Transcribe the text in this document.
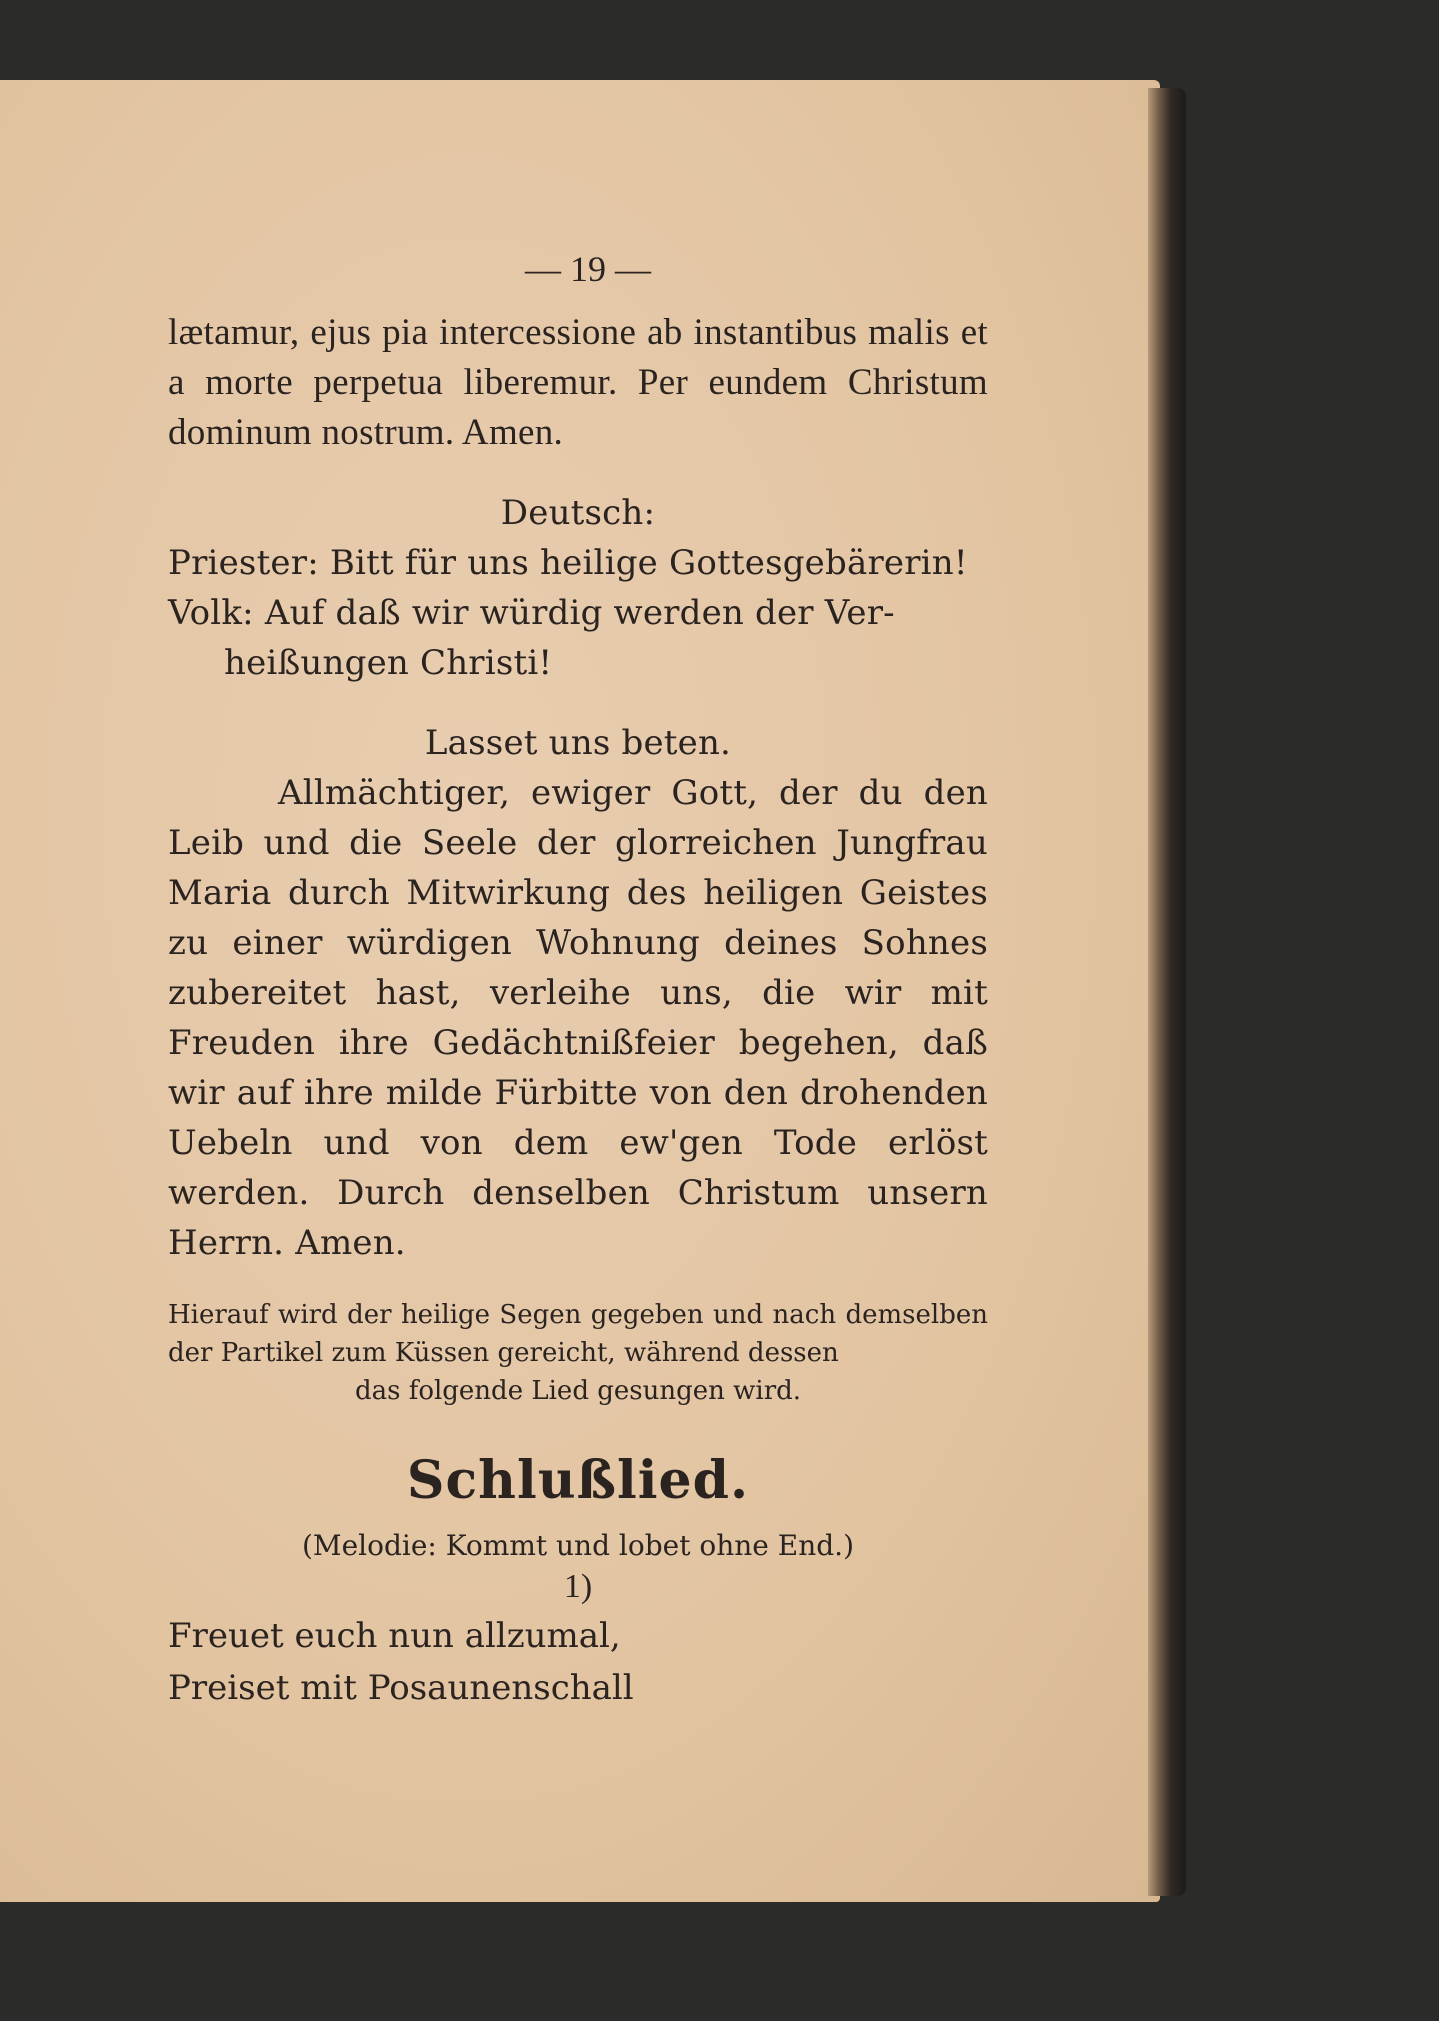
— 19 —

lætamur, ejus pia intercessione ab instantibus malis et a morte perpetua liberemur. Per eundem Christum dominum nostrum. Amen.

Deutsch:

Priester: Bitt für uns heilige Gottesgebärerin!

Volk: Auf daß wir würdig werden der Ver-

heißungen Christi!

Lasset uns beten.

Allmächtiger, ewiger Gott, der du den Leib und die Seele der glorreichen Jungfrau Maria durch Mitwirkung des heiligen Geistes zu einer würdigen Wohnung deines Sohnes zubereitet hast, verleihe uns, die wir mit Freuden ihre Gedächtnißfeier begehen, daß wir auf ihre milde Fürbitte von den drohenden Uebeln und von dem ew'gen Tode erlöst werden. Durch denselben Christum unsern Herrn. Amen.

Hierauf wird der heilige Segen gegeben und nach demselben der Partikel zum Küssen gereicht, während dessen
das folgende Lied gesungen wird.

Schlußlied.

(Melodie: Kommt und lobet ohne End.)

1)

Freuet euch nun allzumal,

Preiset mit Posaunenschall
